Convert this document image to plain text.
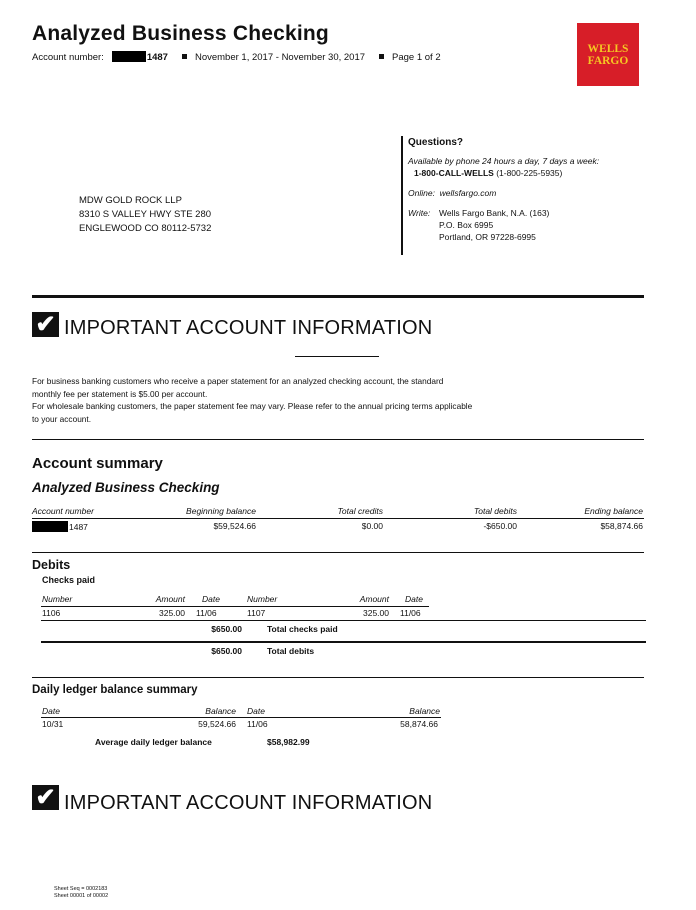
Analyzed Business Checking
Account number:	1487	November 1, 2017 - November 30, 2017	Page 1 of 2
WELLS
FARGO
Questions?
Available by phone 24 hours a day, 7 days a week:
1-800-CALL-WELLS (1-800-225-5935)
Online: wellsfargo.com
Write:	Wells Fargo Bank, N.A. (163)
P.O. Box 6995
Portland, OR 97228-6995
MDW GOLD ROCK LLP
8310 S VALLEY HWY STE 280
ENGLEWOOD CO 80112-5732
✔ IMPORTANT ACCOUNT INFORMATION
For business banking customers who receive a paper statement for an analyzed checking account, the standard
monthly fee per statement is $5.00 per account.
For wholesale banking customers, the paper statement fee may vary. Please refer to the annual pricing terms applicable
to your account.
Account summary
Analyzed Business Checking
Account number	Beginning balance	Total credits	Total debits	Ending balance
1487	$59,524.66	$0.00	-$650.00	$58,874.66
Debits
Checks paid
Number	Amount Date	Number	Amount Date
1106	325.00 11/06	1107	325.00 11/06
$650.00	Total checks paid
$650.00	Total debits
Daily ledger balance summary
Date	Balance Date	Balance
10/31	59,524.66 11/06	58,874.66
Average daily ledger balance	$58,982.99
✔ IMPORTANT ACCOUNT INFORMATION
Sheet Seq = 0002183
Sheet 00001 of 00002
